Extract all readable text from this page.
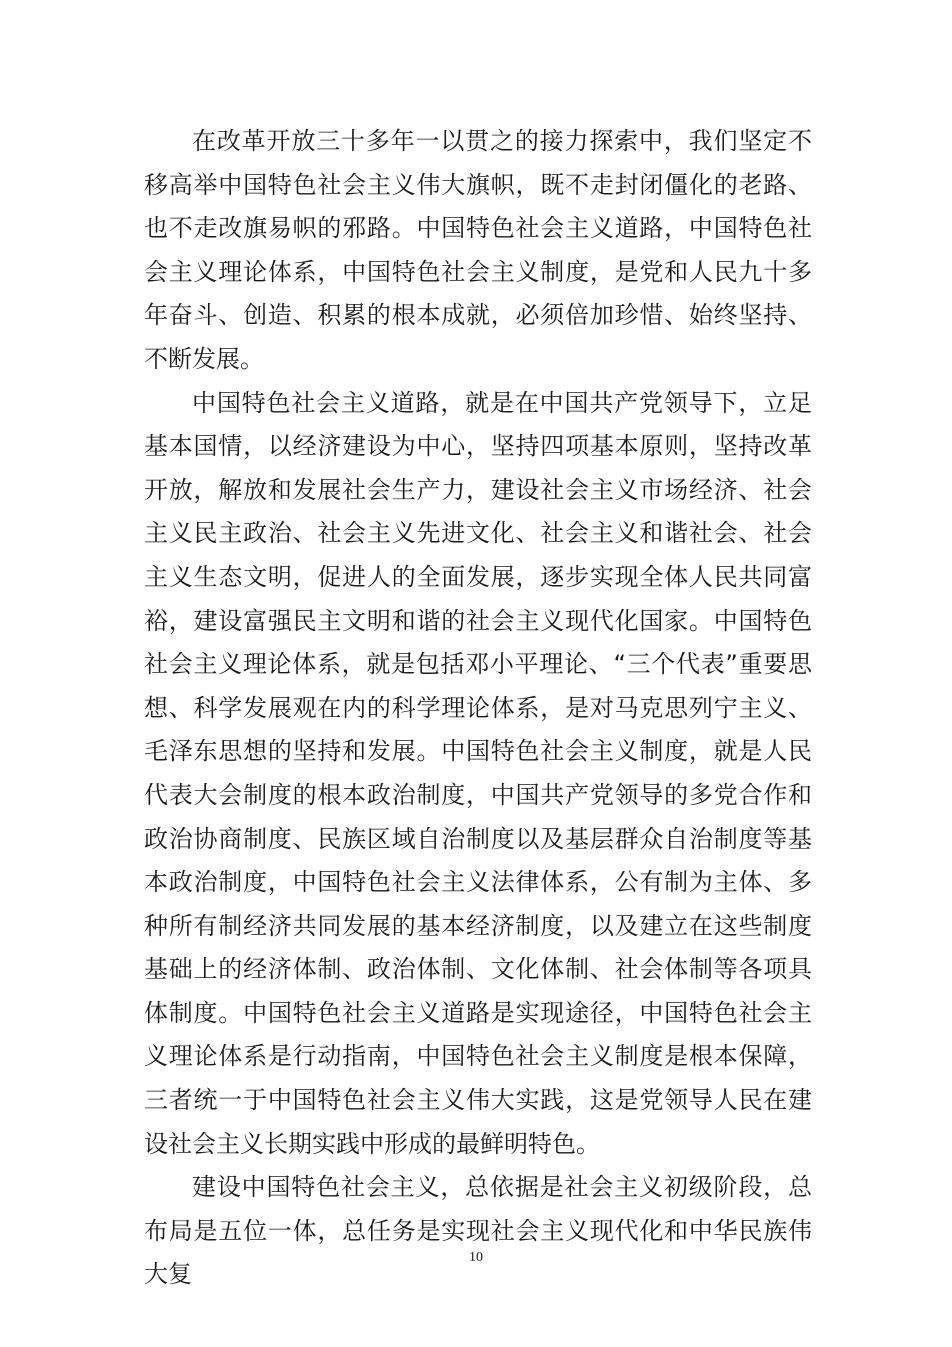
在改革开放三十多年一以贯之的接力探索中，我们坚定不移高举中国特色社会主义伟大旗帜，既不走封闭僵化的老路、也不走改旗易帜的邪路。中国特色社会主义道路，中国特色社会主义理论体系，中国特色社会主义制度，是党和人民九十多年奋斗、创造、积累的根本成就，必须倍加珍惜、始终坚持、不断发展。

中国特色社会主义道路，就是在中国共产党领导下，立足基本国情，以经济建设为中心，坚持四项基本原则，坚持改革开放，解放和发展社会生产力，建设社会主义市场经济、社会主义民主政治、社会主义先进文化、社会主义和谐社会、社会主义生态文明，促进人的全面发展，逐步实现全体人民共同富裕，建设富强民主文明和谐的社会主义现代化国家。中国特色社会主义理论体系，就是包括邓小平理论、“三个代表”重要思想、科学发展观在内的科学理论体系，是对马克思列宁主义、毛泽东思想的坚持和发展。中国特色社会主义制度，就是人民代表大会制度的根本政治制度，中国共产党领导的多党合作和政治协商制度、民族区域自治制度以及基层群众自治制度等基本政治制度，中国特色社会主义法律体系，公有制为主体、多种所有制经济共同发展的基本经济制度，以及建立在这些制度基础上的经济体制、政治体制、文化体制、社会体制等各项具体制度。中国特色社会主义道路是实现途径，中国特色社会主义理论体系是行动指南，中国特色社会主义制度是根本保障，三者统一于中国特色社会主义伟大实践，这是党领导人民在建设社会主义长期实践中形成的最鲜明特色。

建设中国特色社会主义，总依据是社会主义初级阶段，总布局是五位一体，总任务是实现社会主义现代化和中华民族伟大复

10
